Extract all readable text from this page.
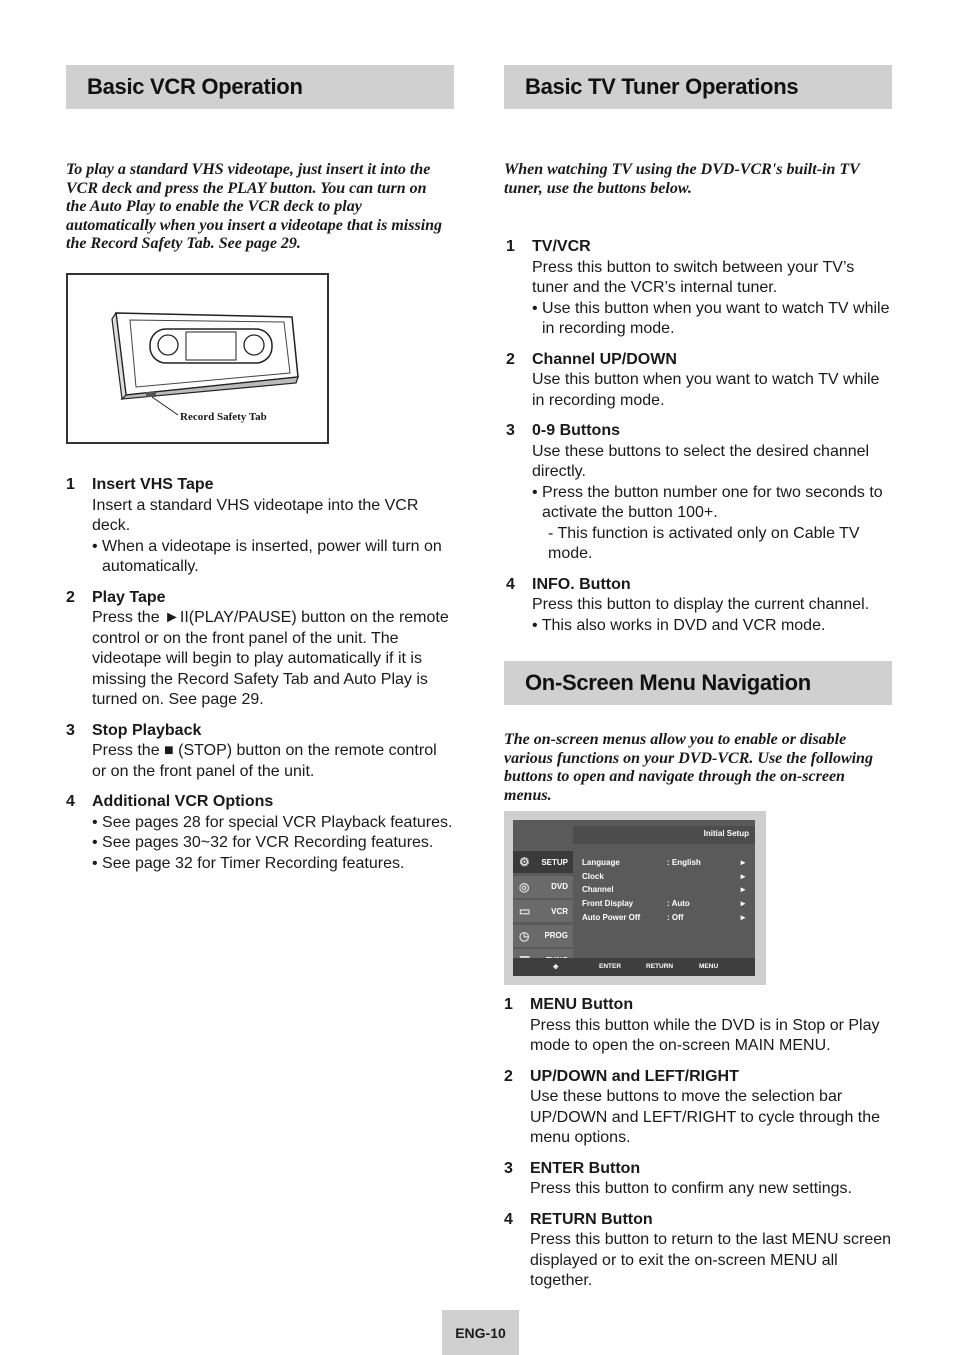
Basic VCR Operation

To play a standard VHS videotape, just insert it into the VCR deck and press the PLAY button. You can turn on the Auto Play to enable the VCR deck to play automatically when you insert a videotape that is missing the Record Safety Tab. See page 29.

Record Safety Tab
1 Insert VHS Tape

Insert a standard VHS videotape into the VCR deck.

• When a videotape is inserted, power will turn on automatically.

2 Play Tape

Press the ►II(PLAY/PAUSE) button on the remote control or on the front panel of the unit. The videotape will begin to play automatically if it is missing the Record Safety Tab and Auto Play is turned on. See page 29.

3 Stop Playback

Press the ■ (STOP) button on the remote control or on the front panel of the unit.

4 Additional VCR Options

• See pages 28 for special VCR Playback features.

• See pages 30~32 for VCR Recording features.

• See page 32 for Timer Recording features.

Basic TV Tuner Operations

When watching TV using the DVD-VCR's built-in TV tuner, use the buttons below.

1 TV/VCR

Press this button to switch between your TV’s tuner and the VCR’s internal tuner.

• Use this button when you want to watch TV while in recording mode.

2 Channel UP/DOWN

Use this button when you want to watch TV while in recording mode.

3 0-9 Buttons

Use these buttons to select the desired channel directly.

• Press the button number one for two seconds to activate the button 100+.

- This function is activated only on Cable TV mode.

4 INFO. Button

Press this button to display the current channel.

• This also works in DVD and VCR mode.

On-Screen Menu Navigation

The on-screen menus allow you to enable or disable various functions on your DVD-VCR. Use the following buttons to open and navigate through the on-screen menus.

Initial Setup
⚙ SETUP
◎	DVD
▭	VCR
◷ PROG
Language	: English	►
Clock	►
Channel	►
Front Display	: Auto	►
Auto Power Off	: Off	►
✥	ENTER	RETURN	MENU
1 MENU Button

Press this button while the DVD is in Stop or Play mode to open the on-screen MAIN MENU.

2 UP/DOWN and LEFT/RIGHT

Use these buttons to move the selection bar UP/DOWN and LEFT/RIGHT to cycle through the menu options.

3 ENTER Button

Press this button to confirm any new settings.

4 RETURN Button

Press this button to return to the last MENU screen displayed or to exit the on-screen MENU all together.

ENG-10
